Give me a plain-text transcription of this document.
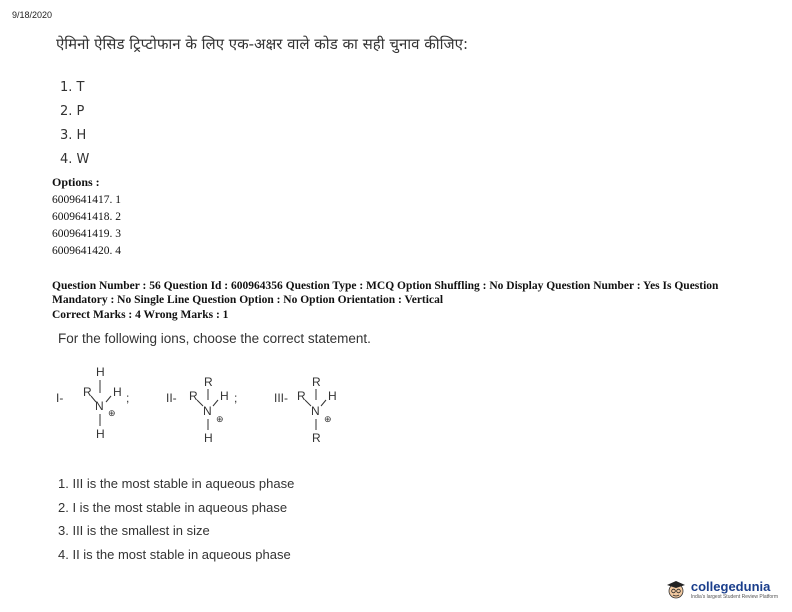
9/18/2020
ऐमिनो ऐसिड ट्रिप्टोफान के लिए एक-अक्षर वाले कोड का सही चुनाव कीजिए:
1. T
2. P
3. H
4. W
Options :
6009641417. 1
6009641418. 2
6009641419. 3
6009641420. 4
Question Number : 56 Question Id : 600964356 Question Type : MCQ Option Shuffling : No Display Question Number : Yes Is Question Mandatory : No Single Line Question Option : No Option Orientation : Vertical
Correct Marks : 4 Wrong Marks : 1
For the following ions, choose the correct statement.
I-
H
R H
N ⊕
H
;	II-
R
R H
N
⊕
H
;	III-
R
R H
N
⊕
R
1. III is the most stable in aqueous phase
2. I is the most stable in aqueous phase
3. III is the smallest in size
4. II is the most stable in aqueous phase
collegedunia
India's largest Student Review Platform
